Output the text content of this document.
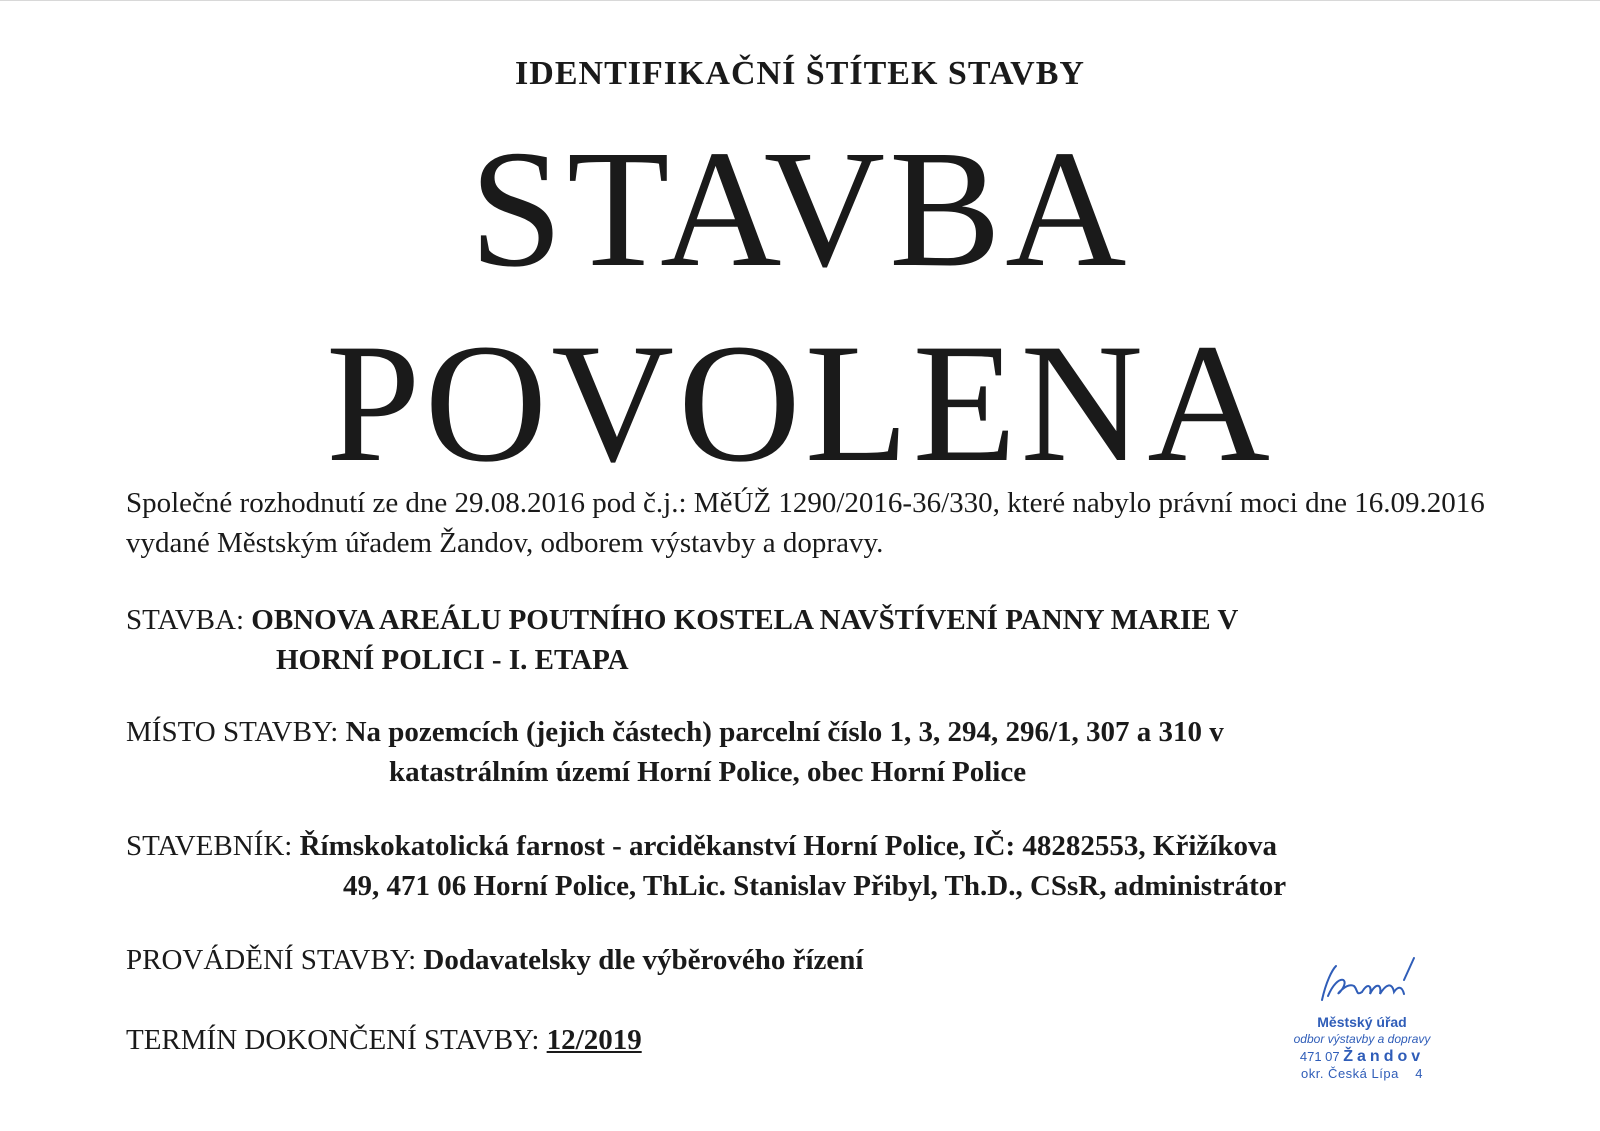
IDENTIFIKAČNÍ ŠTÍTEK STAVBY
STAVBA
POVOLENA
Společné rozhodnutí ze dne 29.08.2016 pod č.j.: MěÚŽ 1290/2016-36/330, které nabylo právní moci dne 16.09.2016 vydané Městským úřadem Žandov, odborem výstavby a dopravy.
STAVBA: OBNOVA AREÁLU POUTNÍHO KOSTELA NAVŠTÍVENÍ PANNY MARIE V
HORNÍ POLICI - I. ETAPA
MÍSTO STAVBY: Na pozemcích (jejich částech) parcelní číslo 1, 3, 294, 296/1, 307 a 310 v
katastrálním území Horní Police, obec Horní Police
STAVEBNÍK: Římskokatolická farnost - arciděkanství Horní Police, IČ: 48282553, Křižíkova
49, 471 06 Horní Police, ThLic. Stanislav Přibyl, Th.D., CSsR, administrátor
PROVÁDĚNÍ STAVBY: Dodavatelsky dle výběrového řízení
TERMÍN DOKONČENÍ STAVBY: 12/2019
Městský úřad
odbor výstavby a dopravy
471 07 Žandov
okr. Česká Lípa 4
